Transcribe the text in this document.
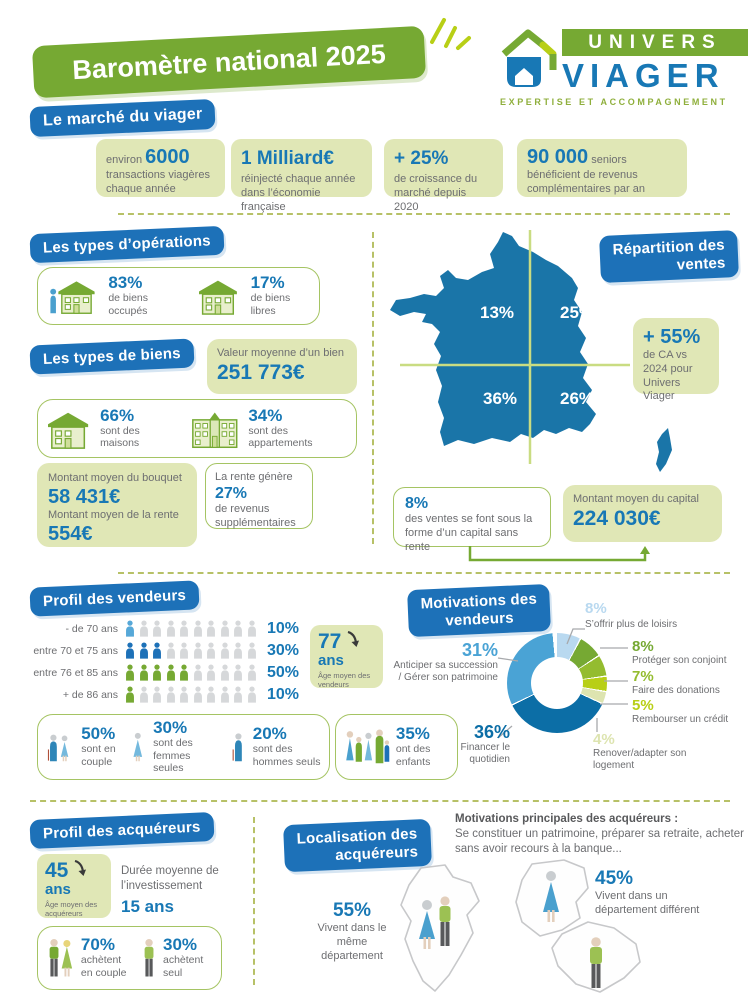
Baromètre national 2025	UNIVERS
VIAGER
EXPERTISE ET ACCOMPAGNEMENT
Le marché du viager
environ 6000
transactions viagères chaque année
1 Milliard€
réinjecté chaque année dans l’économie française
+ 25%
de croissance du marché depuis 2020
90 000 seniors
bénéficient de revenus complémentaires par an
Les types d’opérations
83%
de biens occupés
17%
de biens libres
Les types de biens	Valeur moyenne d’un bien
251 773€
66%
sont des maisons
34%
sont des appartements
Montant moyen du bouquet
58 431€
Montant moyen de la rente
554€
La rente génère
27%
de revenus supplémentaires
13%	25%
36%	26%
Répartition des
ventes
+ 55%
de CA vs 2024 pour Univers Viager
8%
des ventes se font sous la forme d’un capital sans rente
Montant moyen du capital
224 030€
Profil des vendeurs
- de 70 ans	10%
entre 70 et 75 ans	30%
entre 76 et 85 ans	50%
+ de 86 ans	10%
77
ans
Âge moyen des vendeurs
50%
sont en couple
30%
sont des femmes seules
20%
sont des hommes seuls
35%
ont des enfants
Motivations des
vendeurs
8%
S’offrir plus de loisirs
8%
Protéger son conjoint
7%
Faire des donations
5%
Rembourser un crédit
4%
Renover/adapter son logement
31%
Anticiper sa succession / Gérer son patrimoine
36%
Financer le quotidien
Profil des acquéreurs
45
ans
Âge moyen des acquéreurs
Durée moyenne de l’investissement
15 ans
70%
achètent en couple
30%
achètent seul
Localisation des
acquéreurs
Motivations principales des acquéreurs :
Se constituer un patrimoine, préparer sa retraite, acheter sans avoir recours à la banque...
55%
Vivent dans le même département
45%
Vivent dans un département différent
